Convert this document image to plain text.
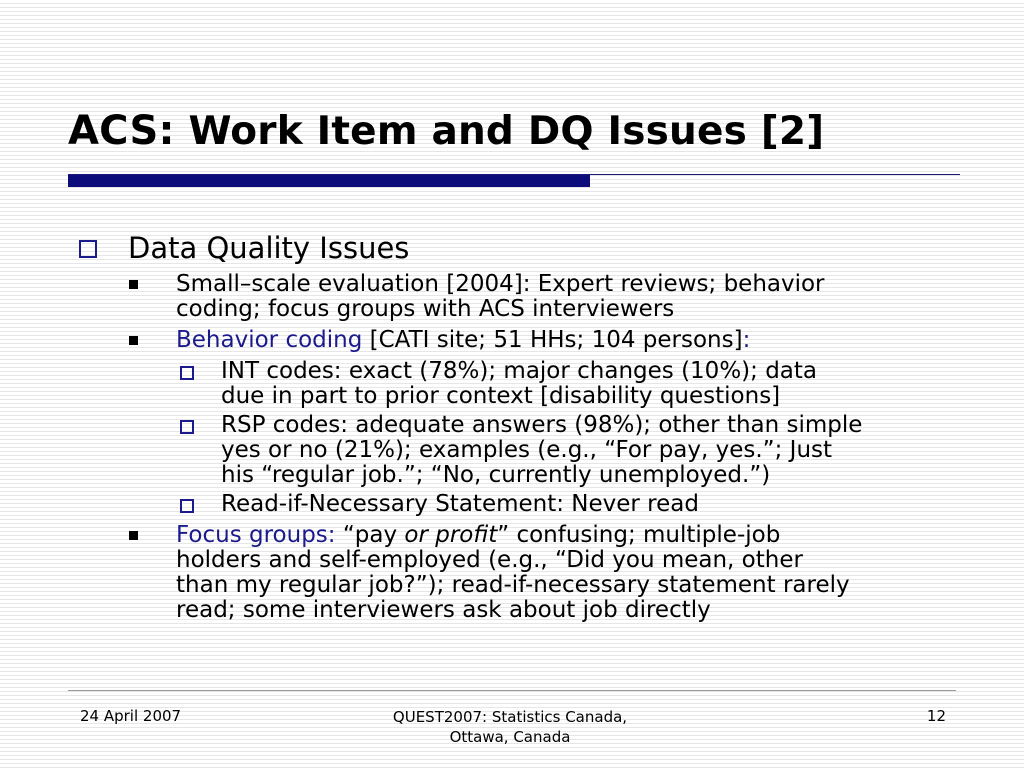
ACS: Work Item and DQ Issues [2]
Data Quality Issues
Small–scale evaluation [2004]: Expert reviews; behavior
coding; focus groups with ACS interviewers
Behavior coding [CATI site; 51 HHs; 104 persons]:
INT codes: exact (78%); major changes (10%); data
due in part to prior context [disability questions]
RSP codes: adequate answers (98%); other than simple
yes or no (21%); examples (e.g., “For pay, yes.”; Just
his “regular job.”; “No, currently unemployed.”)
Read-if-Necessary Statement: Never read
Focus groups: “pay or profit” confusing; multiple-job
holders and self-employed (e.g., “Did you mean, other
than my regular job?”); read-if-necessary statement rarely
read; some interviewers ask about job directly
24 April 2007	QUEST2007: Statistics Canada,
Ottawa, Canada
12
